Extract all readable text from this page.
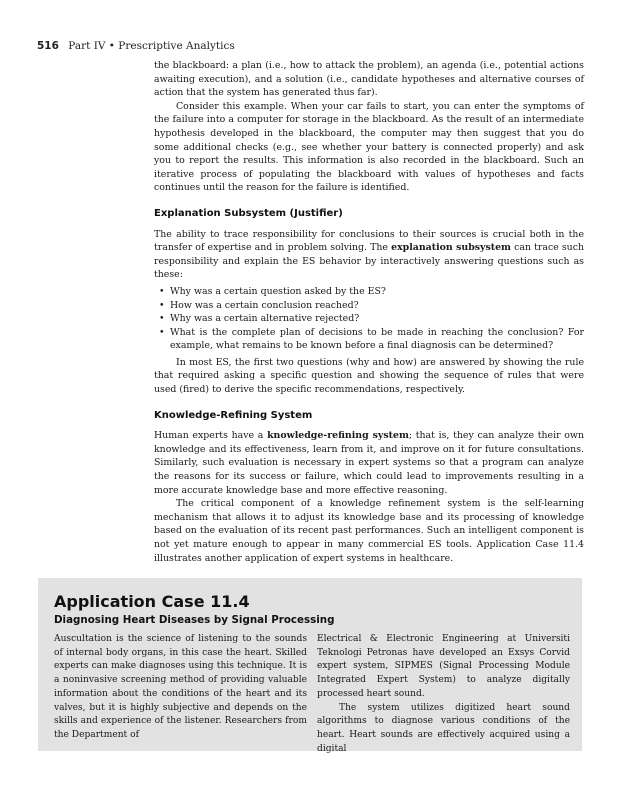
516 Part IV • Prescriptive Analytics

the blackboard: a plan (i.e., how to attack the problem), an agenda (i.e., potential actions awaiting execution), and a solution (i.e., candidate hypotheses and alternative courses of action that the system has generated thus far).

Consider this example. When your car fails to start, you can enter the symptoms of the failure into a computer for storage in the blackboard. As the result of an intermediate hypothesis developed in the blackboard, the computer may then suggest that you do some additional checks (e.g., see whether your battery is connected properly) and ask you to report the results. This information is also recorded in the blackboard. Such an iterative process of populating the blackboard with values of hypotheses and facts continues until the reason for the failure is identified.

Explanation Subsystem (Justifier)

The ability to trace responsibility for conclusions to their sources is crucial both in the transfer of expertise and in problem solving. The explanation subsystem can trace such responsibility and explain the ES behavior by interactively answering questions such as these:

• Why was a certain question asked by the ES?
• How was a certain conclusion reached?
• Why was a certain alternative rejected?
• What is the complete plan of decisions to be made in reaching the conclusion? For example, what remains to be known before a final diagnosis can be determined?

In most ES, the first two questions (why and how) are answered by showing the rule that required asking a specific question and showing the sequence of rules that were used (fired) to derive the specific recommendations, respectively.

Knowledge-Refining System

Human experts have a knowledge-refining system; that is, they can analyze their own knowledge and its effectiveness, learn from it, and improve on it for future consultations. Similarly, such evaluation is necessary in expert systems so that a program can analyze the reasons for its success or failure, which could lead to improvements resulting in a more accurate knowledge base and more effective reasoning.

The critical component of a knowledge refinement system is the self-learning mechanism that allows it to adjust its knowledge base and its processing of knowledge based on the evaluation of its recent past performances. Such an intelligent component is not yet mature enough to appear in many commercial ES tools. Application Case 11.4 illustrates another application of expert systems in healthcare.

Application Case 11.4
Diagnosing Heart Diseases by Signal Processing

Auscultation is the science of listening to the sounds of internal body organs, in this case the heart. Skilled experts can make diagnoses using this technique. It is a noninvasive screening method of providing valuable information about the conditions of the heart and its valves, but it is highly subjective and depends on the skills and experience of the listener. Researchers from the Department of

Electrical & Electronic Engineering at Universiti Teknologi Petronas have developed an Exsys Corvid expert system, SIPMES (Signal Processing Module Integrated Expert System) to analyze digitally processed heart sound.

The system utilizes digitized heart sound algorithms to diagnose various conditions of the heart. Heart sounds are effectively acquired using a digital
